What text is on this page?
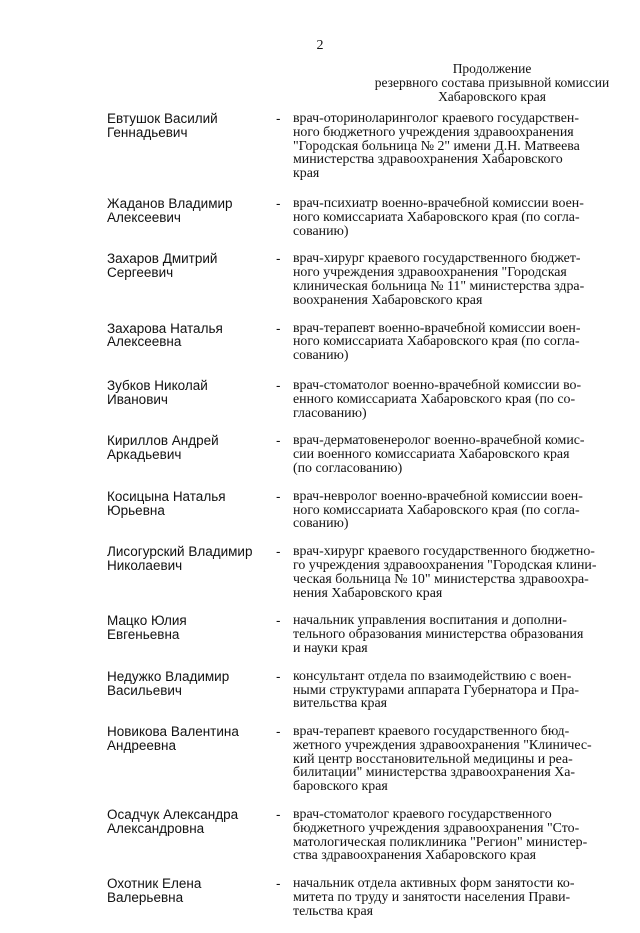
2
Продолжение
резервного состава призывной комиссии
Хабаровского края
Евтушок Василий
Геннадьевич
- врач-оториноларинголог краевого государствен-
ного бюджетного учреждения здравоохранения
"Городская больница № 2" имени Д.Н. Матвеева
министерства здравоохранения Хабаровского
края
Жаданов Владимир
Алексеевич
- врач-психиатр военно-врачебной комиссии воен-
ного комиссариата Хабаровского края (по согла-
сованию)
Захаров Дмитрий
Сергеевич
- врач-хирург краевого государственного бюджет-
ного учреждения здравоохранения "Городская
клиническая больница № 11" министерства здра-
воохранения Хабаровского края
Захарова Наталья
Алексеевна
- врач-терапевт военно-врачебной комиссии воен-
ного комиссариата Хабаровского края (по согла-
сованию)
Зубков Николай
Иванович
- врач-стоматолог военно-врачебной комиссии во-
енного комиссариата Хабаровского края (по со-
гласованию)
Кириллов Андрей
Аркадьевич
- врач-дерматовенеролог военно-врачебной комис-
сии военного комиссариата Хабаровского края
(по согласованию)
Косицына Наталья
Юрьевна
- врач-невролог военно-врачебной комиссии воен-
ного комиссариата Хабаровского края (по согла-
сованию)
Лисогурский Владимир
Николаевич
- врач-хирург краевого государственного бюджетно-
го учреждения здравоохранения "Городская клини-
ческая больница № 10" министерства здравоохра-
нения Хабаровского края
Мацко Юлия
Евгеньевна
- начальник управления воспитания и дополни-
тельного образования министерства образования
и науки края
Недужко Владимир
Васильевич
- консультант отдела по взаимодействию с воен-
ными структурами аппарата Губернатора и Пра-
вительства края
Новикова Валентина
Андреевна
- врач-терапевт краевого государственного бюд-
жетного учреждения здравоохранения "Клиничес-
кий центр восстановительной медицины и реа-
билитации" министерства здравоохранения Ха-
баровского края
Осадчук Александра
Александровна
- врач-стоматолог краевого государственного
бюджетного учреждения здравоохранения "Сто-
матологическая поликлиника "Регион" министер-
ства здравоохранения Хабаровского края
Охотник Елена
Валерьевна
- начальник отдела активных форм занятости ко-
митета по труду и занятости населения Прави-
тельства края
